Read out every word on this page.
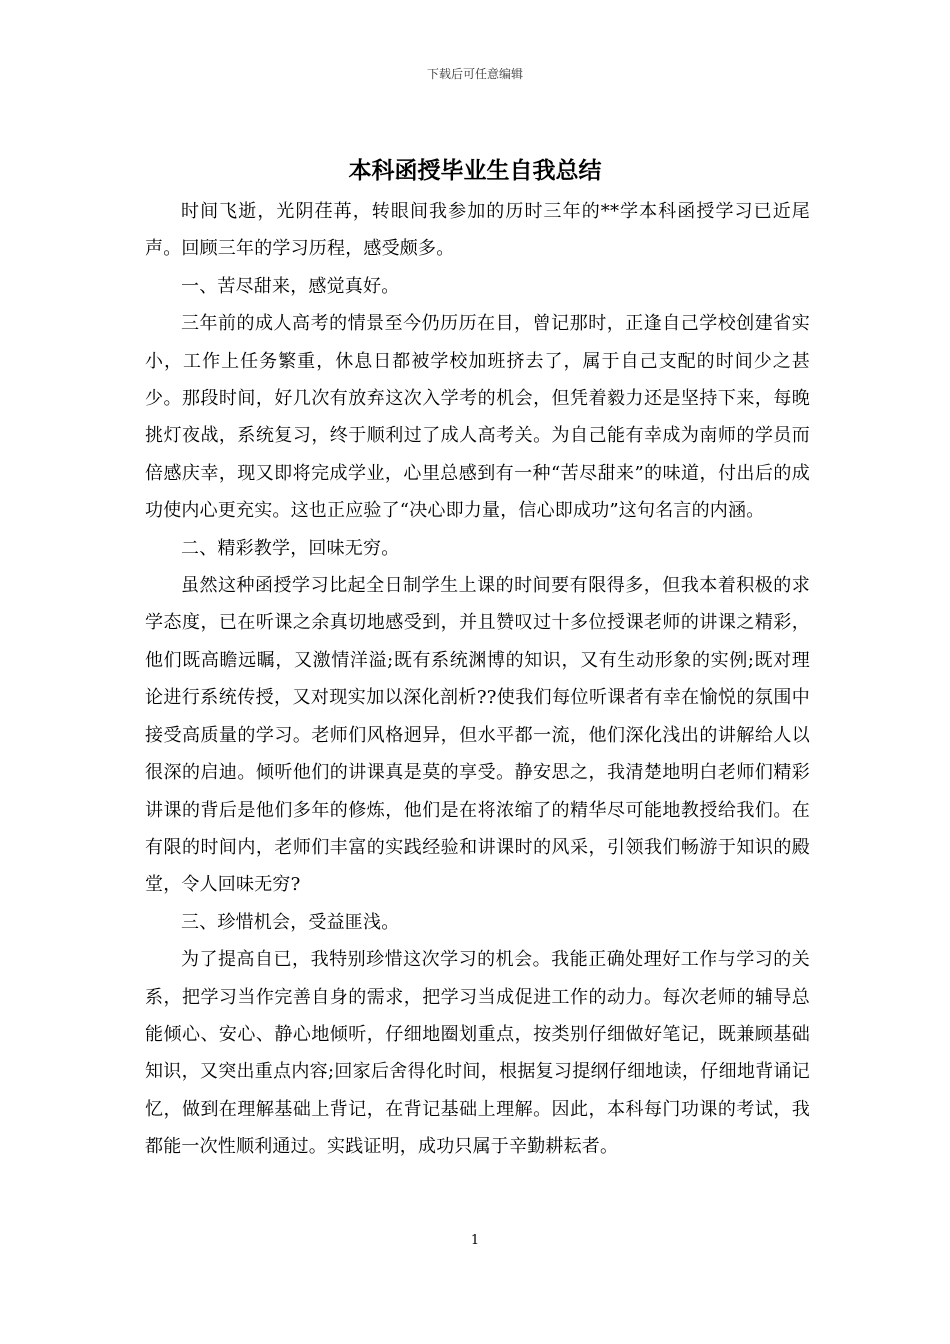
下载后可任意编辑
本科函授毕业生自我总结

时间飞逝，光阴荏苒，转眼间我参加的历时三年的**学本科函授学习已近尾声。回顾三年的学习历程，感受颇多。

一、苦尽甜来，感觉真好。

三年前的成人高考的情景至今仍历历在目，曾记那时，正逢自己学校创建省实小，工作上任务繁重，休息日都被学校加班挤去了，属于自己支配的时间少之甚少。那段时间，好几次有放弃这次入学考的机会，但凭着毅力还是坚持下来，每晚挑灯夜战，系统复习，终于顺利过了成人高考关。为自己能有幸成为南师的学员而倍感庆幸，现又即将完成学业，心里总感到有一种“苦尽甜来”的味道，付出后的成功使内心更充实。这也正应验了“决心即力量，信心即成功”这句名言的内涵。

二、精彩教学，回味无穷。

虽然这种函授学习比起全日制学生上课的时间要有限得多，但我本着积极的求学态度，已在听课之余真切地感受到，并且赞叹过十多位授课老师的讲课之精彩，他们既高瞻远瞩，又激情洋溢;既有系统渊博的知识，又有生动形象的实例;既对理论进行系统传授，又对现实加以深化剖析??使我们每位听课者有幸在愉悦的氛围中接受高质量的学习。老师们风格迥异，但水平都一流，他们深化浅出的讲解给人以很深的启迪。倾听他们的讲课真是莫的享受。静安思之，我清楚地明白老师们精彩讲课的背后是他们多年的修炼，他们是在将浓缩了的精华尽可能地教授给我们。在有限的时间内，老师们丰富的实践经验和讲课时的风采，引领我们畅游于知识的殿堂，令人回味无穷?

三、珍惜机会，受益匪浅。

为了提高自已，我特别珍惜这次学习的机会。我能正确处理好工作与学习的关系，把学习当作完善自身的需求，把学习当成促进工作的动力。每次老师的辅导总能倾心、安心、静心地倾听，仔细地圈划重点，按类别仔细做好笔记，既兼顾基础知识，又突出重点内容;回家后舍得化时间，根据复习提纲仔细地读，仔细地背诵记忆，做到在理解基础上背记，在背记基础上理解。因此，本科每门功课的考试，我都能一次性顺利通过。实践证明，成功只属于辛勤耕耘者。

1
